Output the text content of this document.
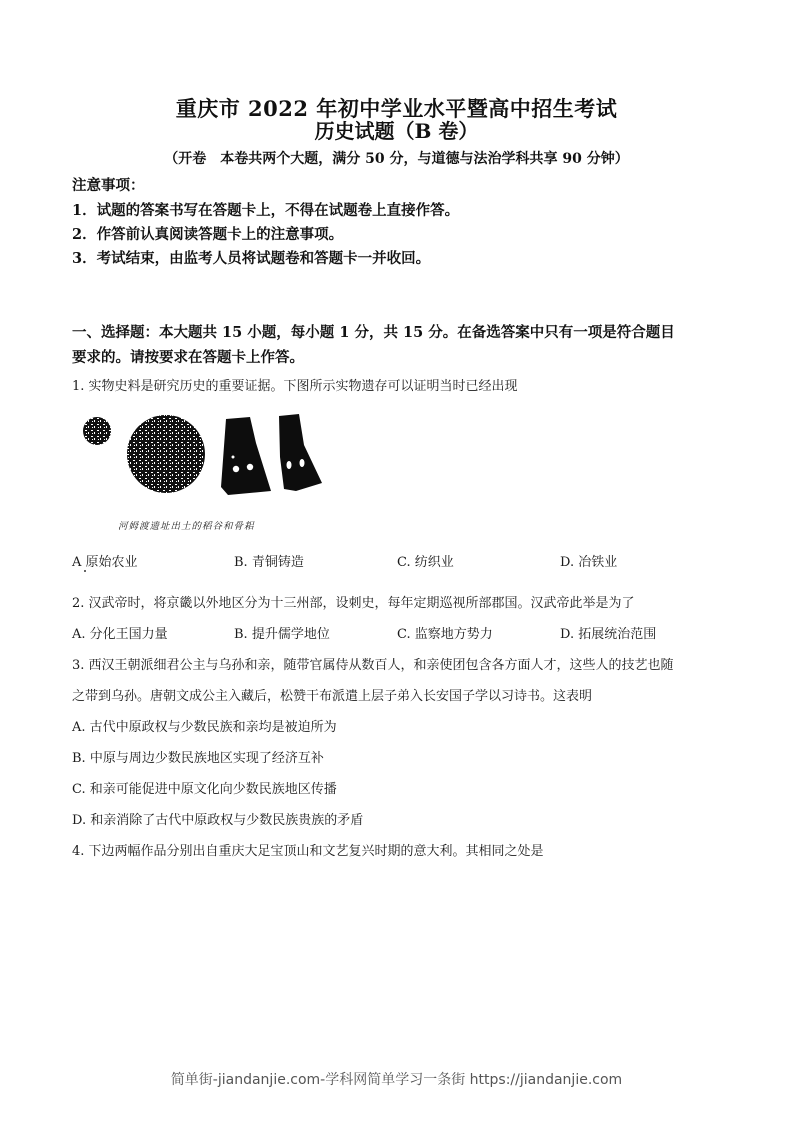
重庆市 2022 年初中学业水平暨高中招生考试
历史试题（B 卷）
（开卷　本卷共两个大题，满分 50 分，与道德与法治学科共享 90 分钟）
注意事项：
1．试题的答案书写在答题卡上，不得在试题卷上直接作答。
2．作答前认真阅读答题卡上的注意事项。
3．考试结束，由监考人员将试题卷和答题卡一并收回。
一、选择题：本大题共 15 小题，每小题 1 分，共 15 分。在备选答案中只有一项是符合题目
要求的。请按要求在答题卡上作答。
1. 实物史料是研究历史的重要证据。下图所示实物遗存可以证明当时已经出现
河姆渡遗址出土的稻谷和骨耜
A 原始农业	B. 青铜铸造	C. 纺织业	D. 冶铁业
2. 汉武帝时，将京畿以外地区分为十三州部，设刺史，每年定期巡视所部郡国。汉武帝此举是为了
A. 分化王国力量	B. 提升儒学地位	C. 监察地方势力	D. 拓展统治范围
3. 西汉王朝派细君公主与乌孙和亲，随带官属侍从数百人，和亲使团包含各方面人才，这些人的技艺也随
之带到乌孙。唐朝文成公主入藏后，松赞干布派遣上层子弟入长安国子学以习诗书。这表明
A. 古代中原政权与少数民族和亲均是被迫所为
B. 中原与周边少数民族地区实现了经济互补
C. 和亲可能促进中原文化向少数民族地区传播
D. 和亲消除了古代中原政权与少数民族贵族的矛盾
4. 下边两幅作品分别出自重庆大足宝顶山和文艺复兴时期的意大利。其相同之处是
简单街-jiandanjie.com-学科网简单学习一条街 https://jiandanjie.com
